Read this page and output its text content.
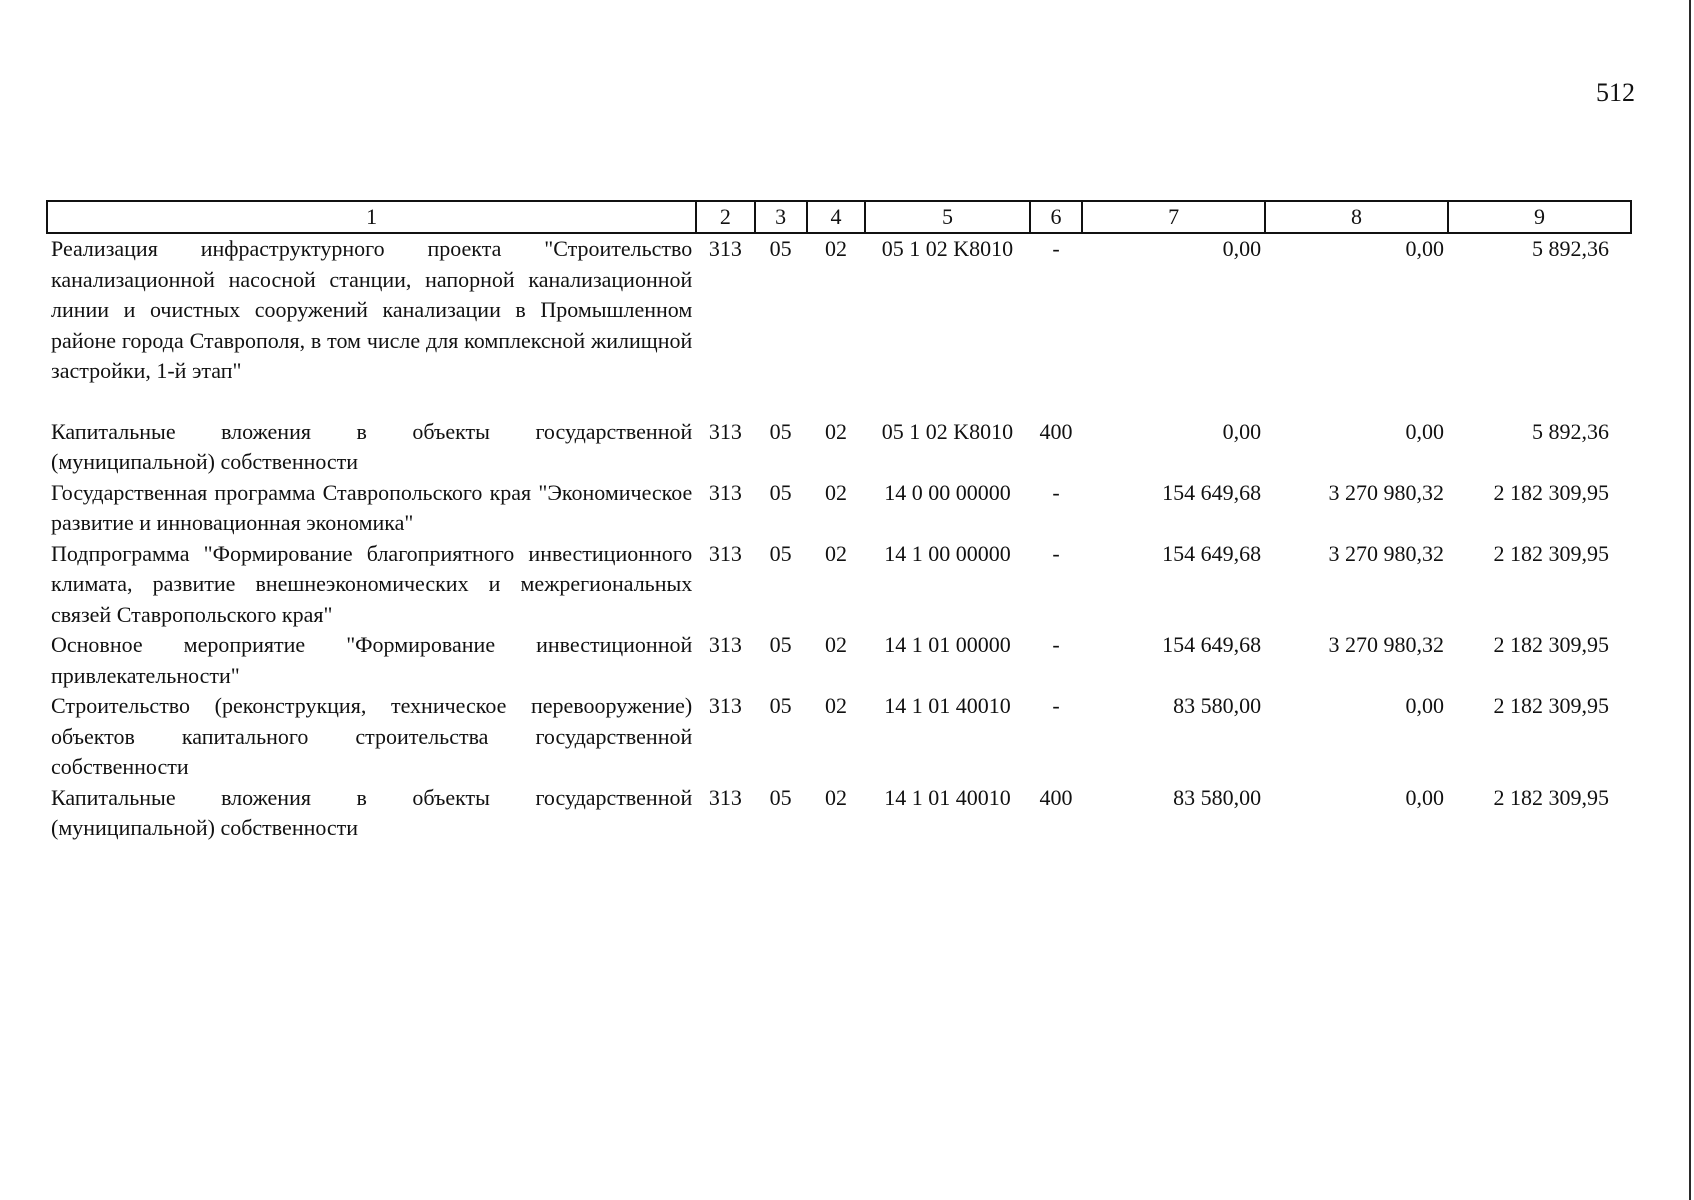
512
1	2	3	4	5	6	7	8	9
Реализация инфраструктурного проекта "Строительство канализационной насосной станции, напорной канализационной линии и очистных сооружений канализации в Промышленном районе города Ставрополя, в том числе для комплексной жилищной застройки, 1-й этап"	313	05	02	05 1 02 K8010	-	0,00	0,00	5 892,36

Капитальные вложения в объекты государственной (муниципальной) собственности	313	05	02	05 1 02 K8010	400	0,00	0,00	5 892,36
Государственная программа Ставропольского края "Экономическое развитие и инновационная экономика"	313	05	02	14 0 00 00000	-	154 649,68	3 270 980,32	2 182 309,95
Подпрограмма "Формирование благоприятного инвестиционного климата, развитие внешнеэкономических и межрегиональных связей Ставропольского края"	313	05	02	14 1 00 00000	-	154 649,68	3 270 980,32	2 182 309,95
Основное мероприятие "Формирование инвестиционной привлекательности"	313	05	02	14 1 01 00000	-	154 649,68	3 270 980,32	2 182 309,95
Строительство (реконструкция, техническое перевооружение) объектов капитального строительства государственной собственности	313	05	02	14 1 01 40010	-	83 580,00	0,00	2 182 309,95
Капитальные вложения в объекты государственной (муниципальной) собственности	313	05	02	14 1 01 40010	400	83 580,00	0,00	2 182 309,95
